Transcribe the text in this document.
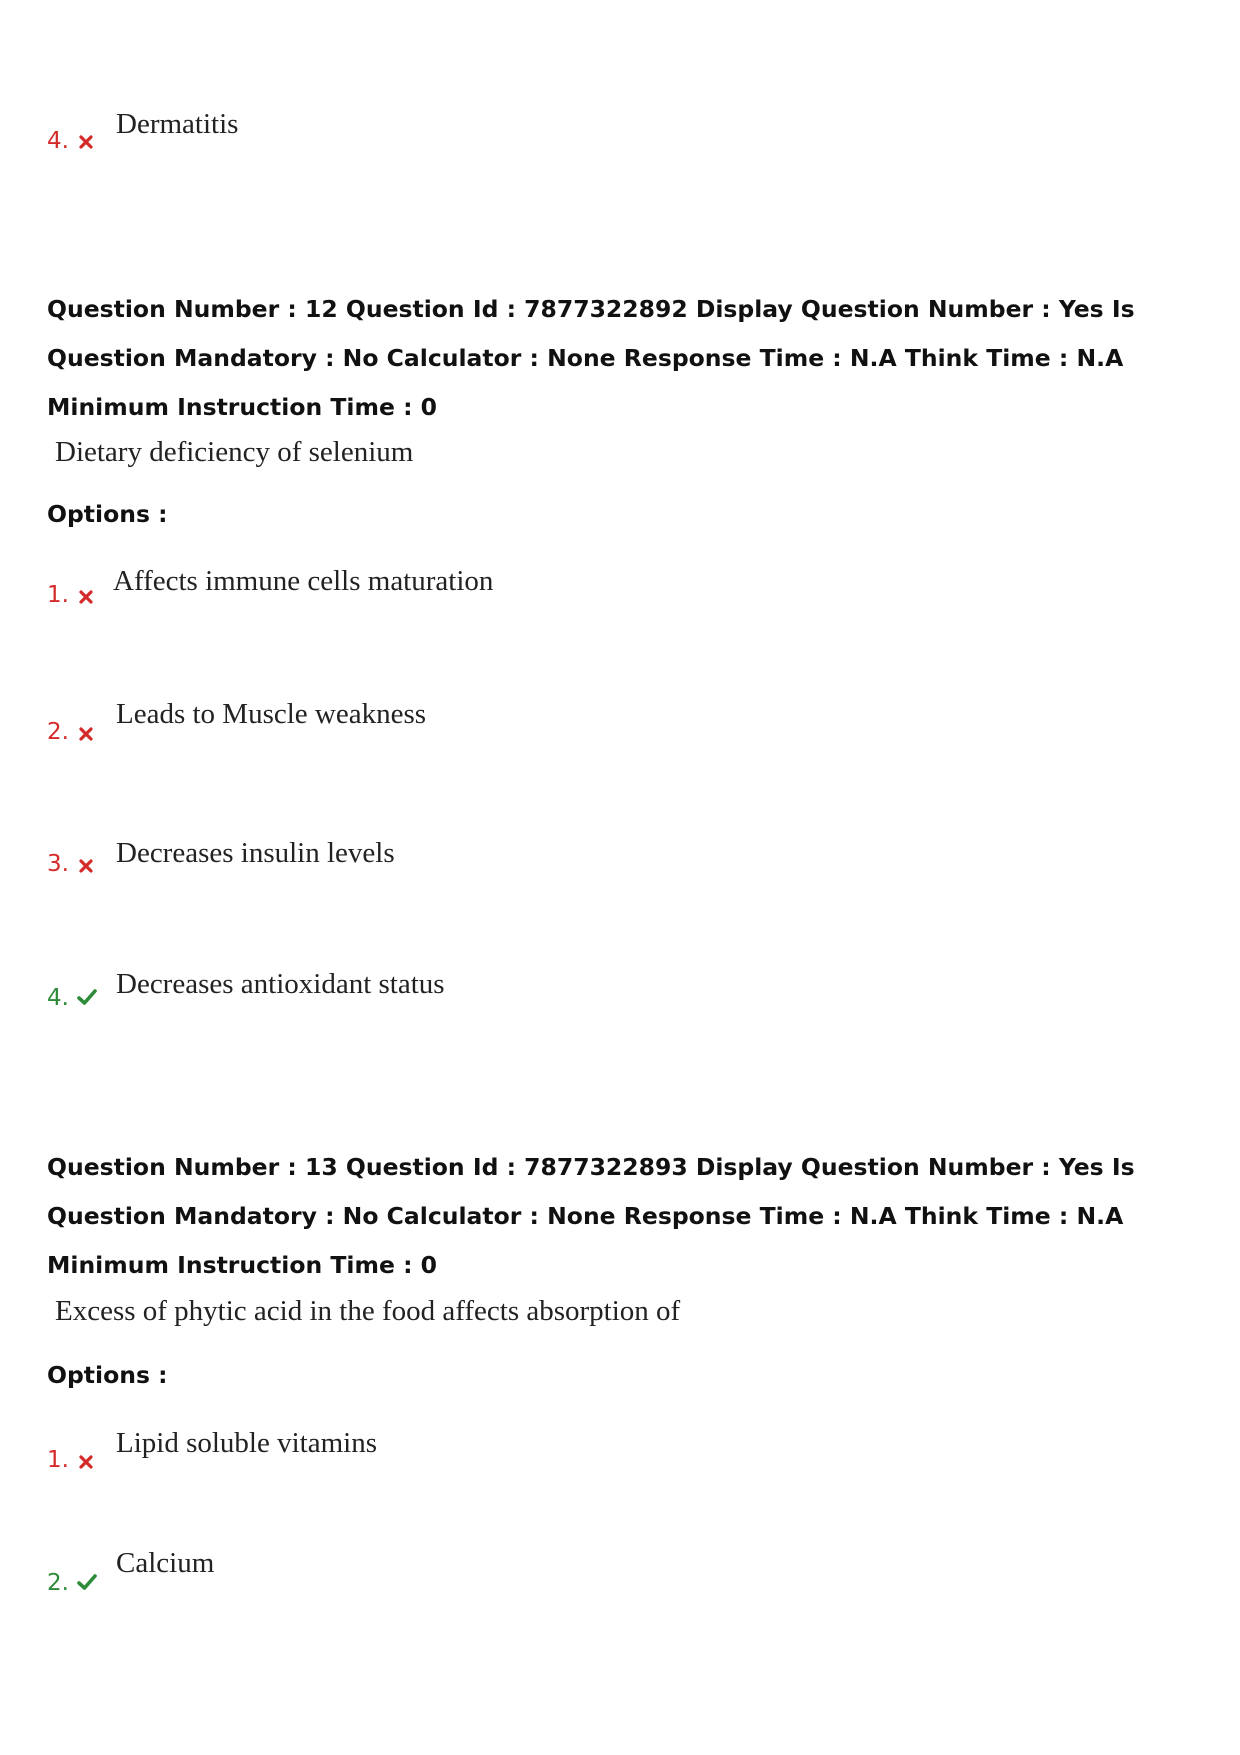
4.
Dermatitis
Question Number : 12 Question Id : 7877322892 Display Question Number : Yes Is Question Mandatory : No Calculator : None Response Time : N.A Think Time : N.A Minimum Instruction Time : 0
Dietary deficiency of selenium
Options :
1. Affects immune cells maturation
2.
Leads to Muscle weakness
3. Decreases insulin levels
4. Decreases antioxidant status
Question Number : 13 Question Id : 7877322893 Display Question Number : Yes Is Question Mandatory : No Calculator : None Response Time : N.A Think Time : N.A Minimum Instruction Time : 0
Excess of phytic acid in the food affects absorption of
Options :
1.
Lipid soluble vitamins
2.
Calcium
